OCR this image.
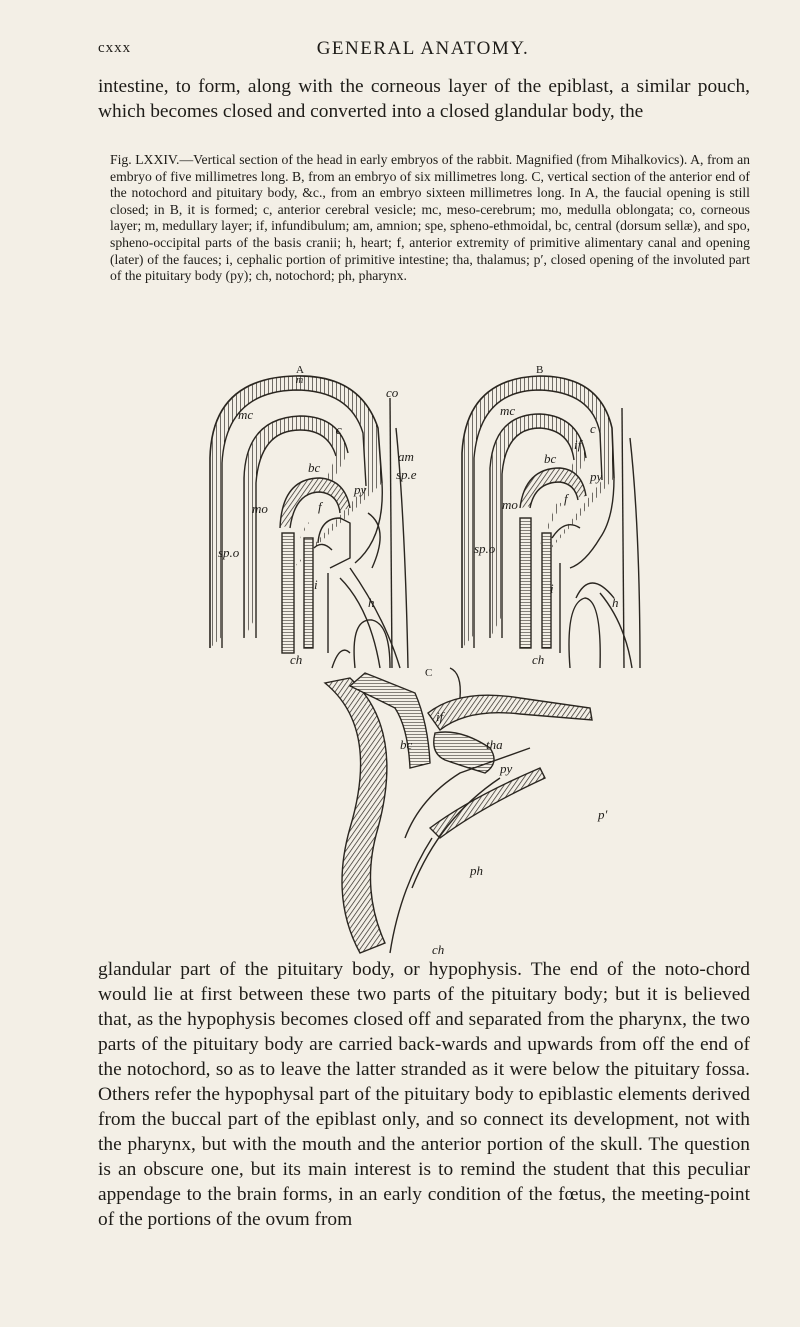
cxxx	GENERAL ANATOMY.

intestine, to form, along with the corneous layer of the epiblast, a similar pouch, which becomes closed and converted into a closed glandular body, the

Fig. LXXIV.—Vertical section of the head in early embryos of the rabbit. Magnified (from Mihalkovics). A, from an embryo of five millimetres long. B, from an embryo of six millimetres long. C, vertical section of the anterior end of the notochord and pituitary body, &c., from an embryo sixteen millimetres long. In A, the faucial opening is still closed; in B, it is formed; c, anterior cerebral vesicle; mc, meso-cerebrum; mo, medulla oblongata; co, corneous layer; m, medullary layer; if, infundibulum; am, amnion; spe, spheno-ethmoidal, bc, central (dorsum sellæ), and spo, spheno-occipital parts of the basis cranii; h, heart; f, anterior extremity of primitive alimentary canal and opening (later) of the fauces; i, cephalic portion of primitive intestine; tha, thalamus; p′, closed opening of the involuted part of the pituitary body (py); ch, notochord; ph, pharynx.

A	B
C
m
mc
c
co
am
sp.e
bc
py
mo	f
sp.o
i
h
ch
mc
c
if
bc
py
mo	f
sp.o
i
h
ch
bc
if
tha
py
p′
ph
ch

glandular part of the pituitary body, or hypophysis. The end of the noto-chord would lie at first between these two parts of the pituitary body; but it is believed that, as the hypophysis becomes closed off and separated from the pharynx, the two parts of the pituitary body are carried back-wards and upwards from off the end of the notochord, so as to leave the latter stranded as it were below the pituitary fossa. Others refer the hypophysal part of the pituitary body to epiblastic elements derived from the buccal part of the epiblast only, and so connect its development, not with the pharynx, but with the mouth and the anterior portion of the skull. The question is an obscure one, but its main interest is to remind the student that this peculiar appendage to the brain forms, in an early condition of the fœtus, the meeting-point of the portions of the ovum from
